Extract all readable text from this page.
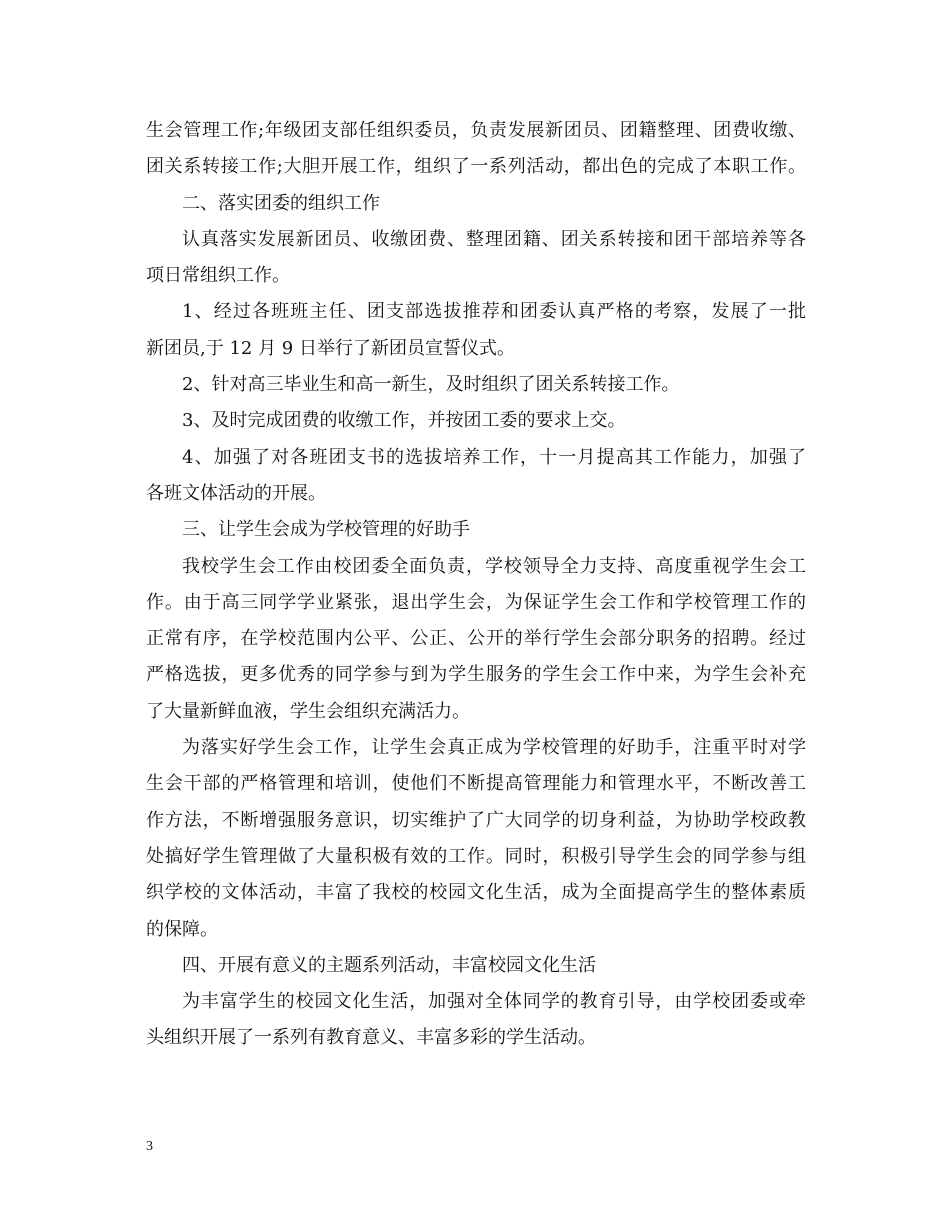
生会管理工作;年级团支部任组织委员，负责发展新团员、团籍整理、团费收缴、
团关系转接工作;大胆开展工作，组织了一系列活动，都出色的完成了本职工作。
二、落实团委的组织工作
认真落实发展新团员、收缴团费、整理团籍、团关系转接和团干部培养等各
项日常组织工作。
1、经过各班班主任、团支部选拔推荐和团委认真严格的考察，发展了一批
新团员,于 12 月 9 日举行了新团员宣誓仪式。
2、针对高三毕业生和高一新生，及时组织了团关系转接工作。
3、及时完成团费的收缴工作，并按团工委的要求上交。
4、加强了对各班团支书的选拔培养工作，十一月提高其工作能力，加强了
各班文体活动的开展。
三、让学生会成为学校管理的好助手
我校学生会工作由校团委全面负责，学校领导全力支持、高度重视学生会工
作。由于高三同学学业紧张，退出学生会，为保证学生会工作和学校管理工作的
正常有序，在学校范围内公平、公正、公开的举行学生会部分职务的招聘。经过
严格选拔，更多优秀的同学参与到为学生服务的学生会工作中来，为学生会补充
了大量新鲜血液，学生会组织充满活力。
为落实好学生会工作，让学生会真正成为学校管理的好助手，注重平时对学
生会干部的严格管理和培训，使他们不断提高管理能力和管理水平，不断改善工
作方法，不断增强服务意识，切实维护了广大同学的切身利益，为协助学校政教
处搞好学生管理做了大量积极有效的工作。同时，积极引导学生会的同学参与组
织学校的文体活动，丰富了我校的校园文化生活，成为全面提高学生的整体素质
的保障。
四、开展有意义的主题系列活动，丰富校园文化生活
为丰富学生的校园文化生活，加强对全体同学的教育引导，由学校团委或牵
头组织开展了一系列有教育意义、丰富多彩的学生活动。
3
